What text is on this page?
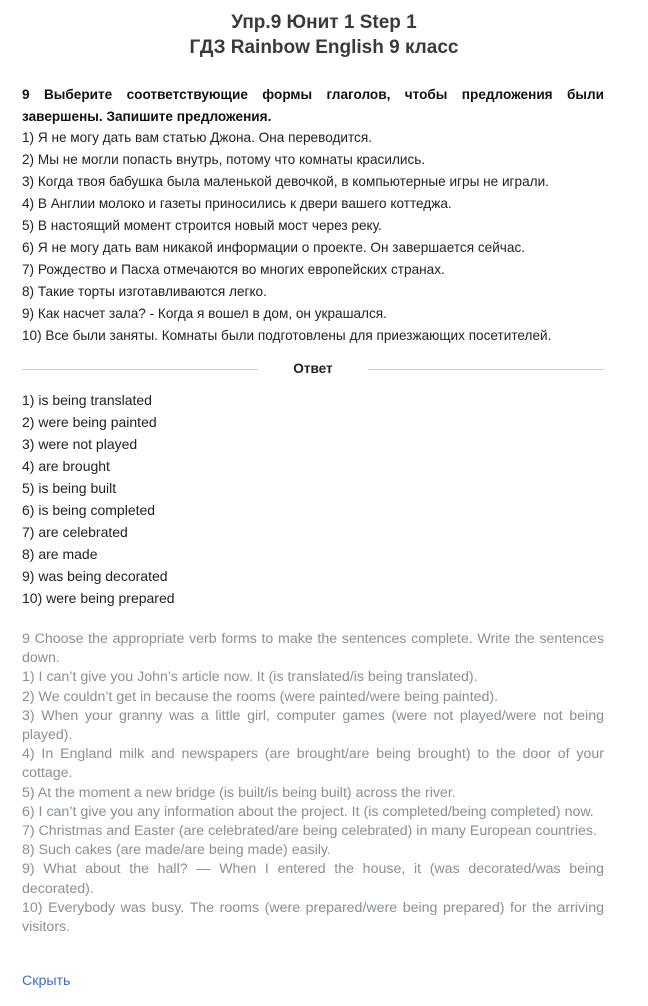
Упр.9 Юнит 1 Step 1
ГДЗ Rainbow English 9 класс
9 Выберите соответствующие формы глаголов, чтобы предложения были завершены. Запишите предложения.
1) Я не могу дать вам статью Джона. Она переводится.
2) Мы не могли попасть внутрь, потому что комнаты красились.
3) Когда твоя бабушка была маленькой девочкой, в компьютерные игры не играли.
4) В Англии молоко и газеты приносились к двери вашего коттеджа.
5) В настоящий момент строится новый мост через реку.
6) Я не могу дать вам никакой информации о проекте. Он завершается сейчас.
7) Рождество и Пасха отмечаются во многих европейских странах.
8) Такие торты изготавливаются легко.
9) Как насчет зала? - Когда я вошел в дом, он украшался.
10) Все были заняты. Комнаты были подготовлены для приезжающих посетителей.
Ответ
1) is being translated
2) were being painted
3) were not played
4) are brought
5) is being built
6) is being completed
7) are celebrated
8) are made
9) was being decorated
10) were being prepared

9 Choose the appropriate verb forms to make the sentences complete. Write the sentences down.

1) I can’t give you John’s article now. It (is translated/is being translated).

2) We couldn’t get in because the rooms (were painted/were being painted).

3) When your granny was a little girl, computer games (were not played/were not being played).

4) In England milk and newspapers (are brought/are being brought) to the door of your cottage.

5) At the moment a new bridge (is built/is being built) across the river.

6) I can’t give you any information about the project. It (is completed/being completed) now.

7) Christmas and Easter (are celebrated/are being celebrated) in many European countries.

8) Such cakes (are made/are being made) easily.

9) What about the hall? — When I entered the house, it (was decorated/was being decorated).

10) Everybody was busy. The rooms (were prepared/were being prepared) for the arriving visitors.

Скрыть
